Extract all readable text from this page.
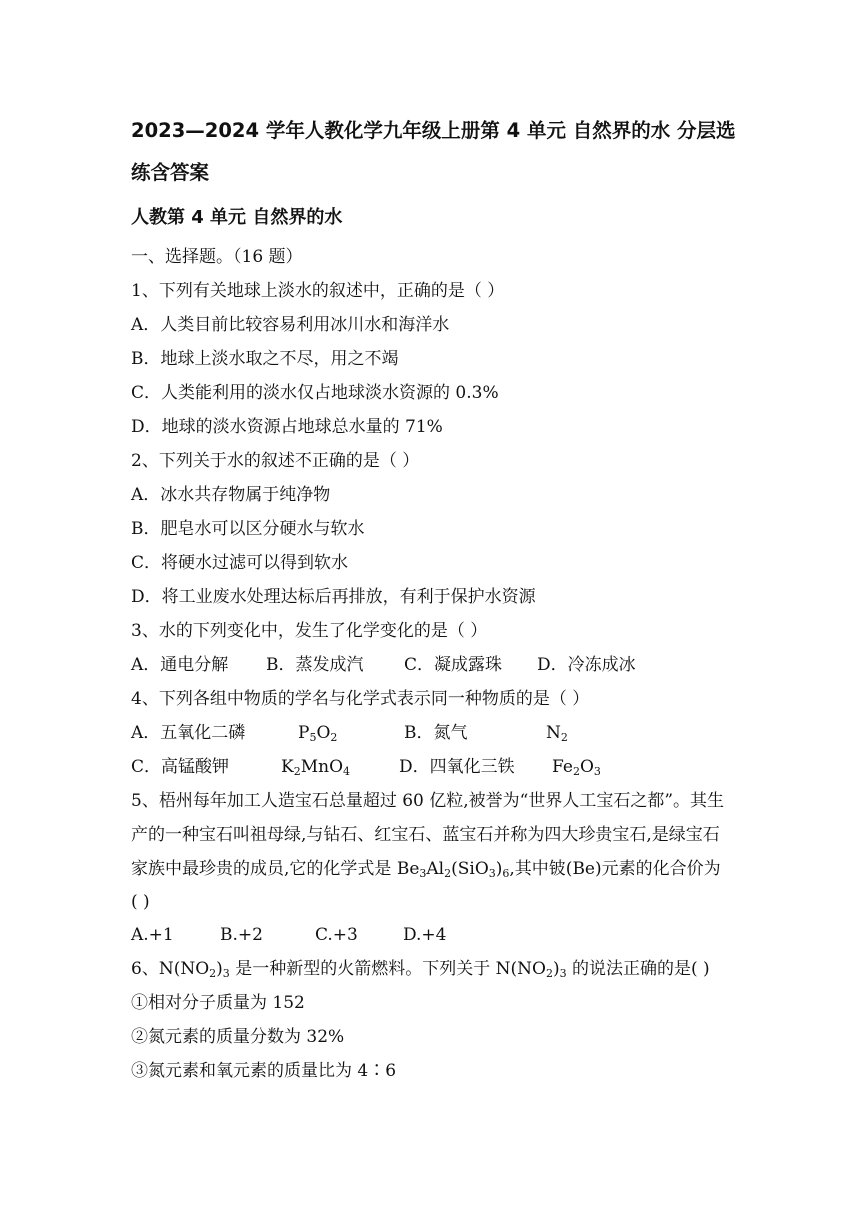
2023—2024 学年人教化学九年级上册第 4 单元 自然界的水 分层选
练含答案
人教第 4 单元 自然界的水
一、选择题。（16 题）
1、下列有关地球上淡水的叙述中，正确的是（ ）
A．人类目前比较容易利用冰川水和海洋水
B．地球上淡水取之不尽，用之不竭
C．人类能利用的淡水仅占地球淡水资源的 0.3%
D．地球的淡水资源占地球总水量的 71%
2、下列关于水的叙述不正确的是（ ）
A．冰水共存物属于纯净物
B．肥皂水可以区分硬水与软水
C．将硬水过滤可以得到软水
D．将工业废水处理达标后再排放，有利于保护水资源
3、水的下列变化中，发生了化学变化的是（ ）
A．通电分解 B．蒸发成汽 C．凝成露珠 D．冷冻成冰
4、下列各组中物质的学名与化学式表示同一种物质的是（ ）
A．五氧化二磷	$P_5O_2$	B．氮气	$N_2$
C．高锰酸钾	$K_2MnO_4$	D．四氧化三铁 $Fe_2O_3$
5、梧州每年加工人造宝石总量超过 60 亿粒,被誉为“世界人工宝石之都”。其生
产的一种宝石叫祖母绿,与钻石、红宝石、蓝宝石并称为四大珍贵宝石,是绿宝石
家族中最珍贵的成员,它的化学式是 $Be_3Al_2(SiO_3)_6$,其中铍(Be)元素的化合价为
( )
A.+1	B.+2	C.+3	D.+4
6、$N(NO_2)_3$ 是一种新型的火箭燃料。下列关于 $N(NO_2)_3$ 的说法正确的是( )
①相对分子质量为 152
②氮元素的质量分数为 32%
③氮元素和氧元素的质量比为 4∶6
